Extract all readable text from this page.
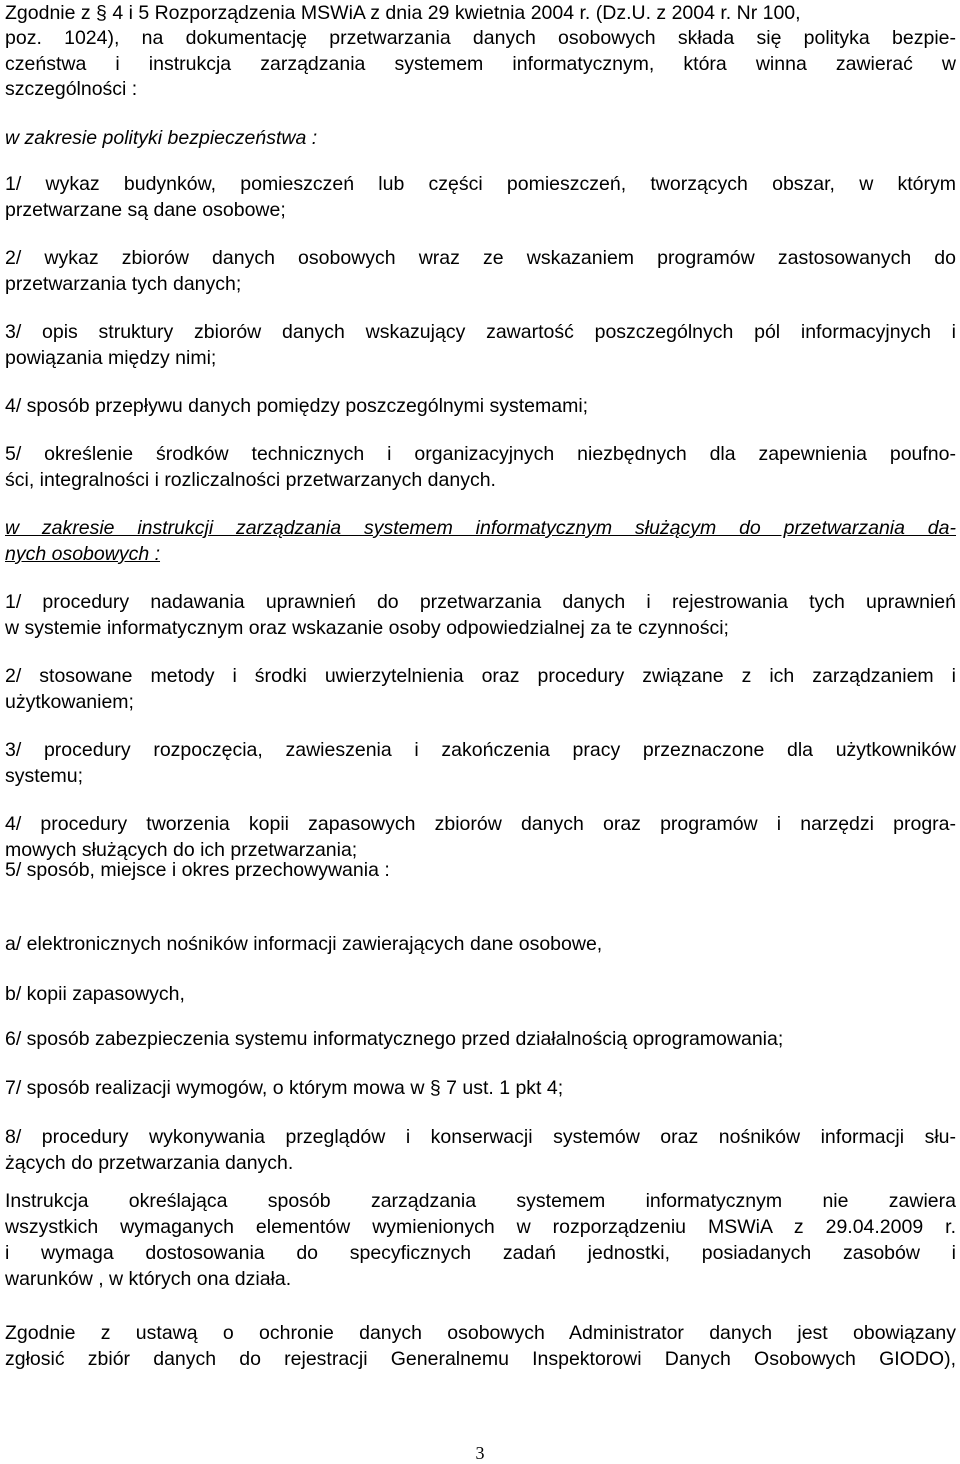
Zgodnie z § 4 i 5 Rozporządzenia MSWiA z dnia 29 kwietnia 2004 r. (Dz.U. z 2004 r. Nr 100,
poz. 1024), na dokumentację przetwarzania danych osobowych składa się polityka bezpie-
czeństwa i instrukcja zarządzania systemem informatycznym, która winna zawierać w
szczególności :
w zakresie polityki bezpieczeństwa :
1/ wykaz budynków, pomieszczeń lub części pomieszczeń, tworzących obszar, w którym
przetwarzane są dane osobowe;
2/ wykaz zbiorów danych osobowych wraz ze wskazaniem programów zastosowanych do
przetwarzania tych danych;
3/ opis struktury zbiorów danych wskazujący zawartość poszczególnych pól informacyjnych i
powiązania między nimi;
4/ sposób przepływu danych pomiędzy poszczególnymi systemami;
5/ określenie środków technicznych i organizacyjnych niezbędnych dla zapewnienia poufno-
ści, integralności i rozliczalności przetwarzanych danych.
w zakresie instrukcji zarządzania systemem informatycznym służącym do przetwarzania da-
nych osobowych :
1/ procedury nadawania uprawnień do przetwarzania danych i rejestrowania tych uprawnień
w systemie informatycznym oraz wskazanie osoby odpowiedzialnej za te czynności;
2/ stosowane metody i środki uwierzytelnienia oraz procedury związane z ich zarządzaniem i
użytkowaniem;
3/ procedury rozpoczęcia, zawieszenia i zakończenia pracy przeznaczone dla użytkowników
systemu;
4/ procedury tworzenia kopii zapasowych zbiorów danych oraz programów i narzędzi progra-
mowych służących do ich przetwarzania;
5/ sposób, miejsce i okres przechowywania :
a/ elektronicznych nośników informacji zawierających dane osobowe,
b/ kopii zapasowych,
6/ sposób zabezpieczenia systemu informatycznego przed działalnością oprogramowania;
7/ sposób realizacji wymogów, o którym mowa w § 7 ust. 1 pkt 4;
8/ procedury wykonywania przeglądów i konserwacji systemów oraz nośników informacji słu-
żących do przetwarzania danych.
Instrukcja określająca sposób zarządzania systemem informatycznym nie zawiera
wszystkich wymaganych elementów wymienionych w rozporządzeniu MSWiA z 29.04.2009 r.
i wymaga dostosowania do specyficznych zadań jednostki, posiadanych zasobów i
warunków , w których ona działa.
Zgodnie z ustawą o ochronie danych osobowych Administrator danych jest obowiązany
zgłosić zbiór danych do rejestracji Generalnemu Inspektorowi Danych Osobowych GIODO),
3
